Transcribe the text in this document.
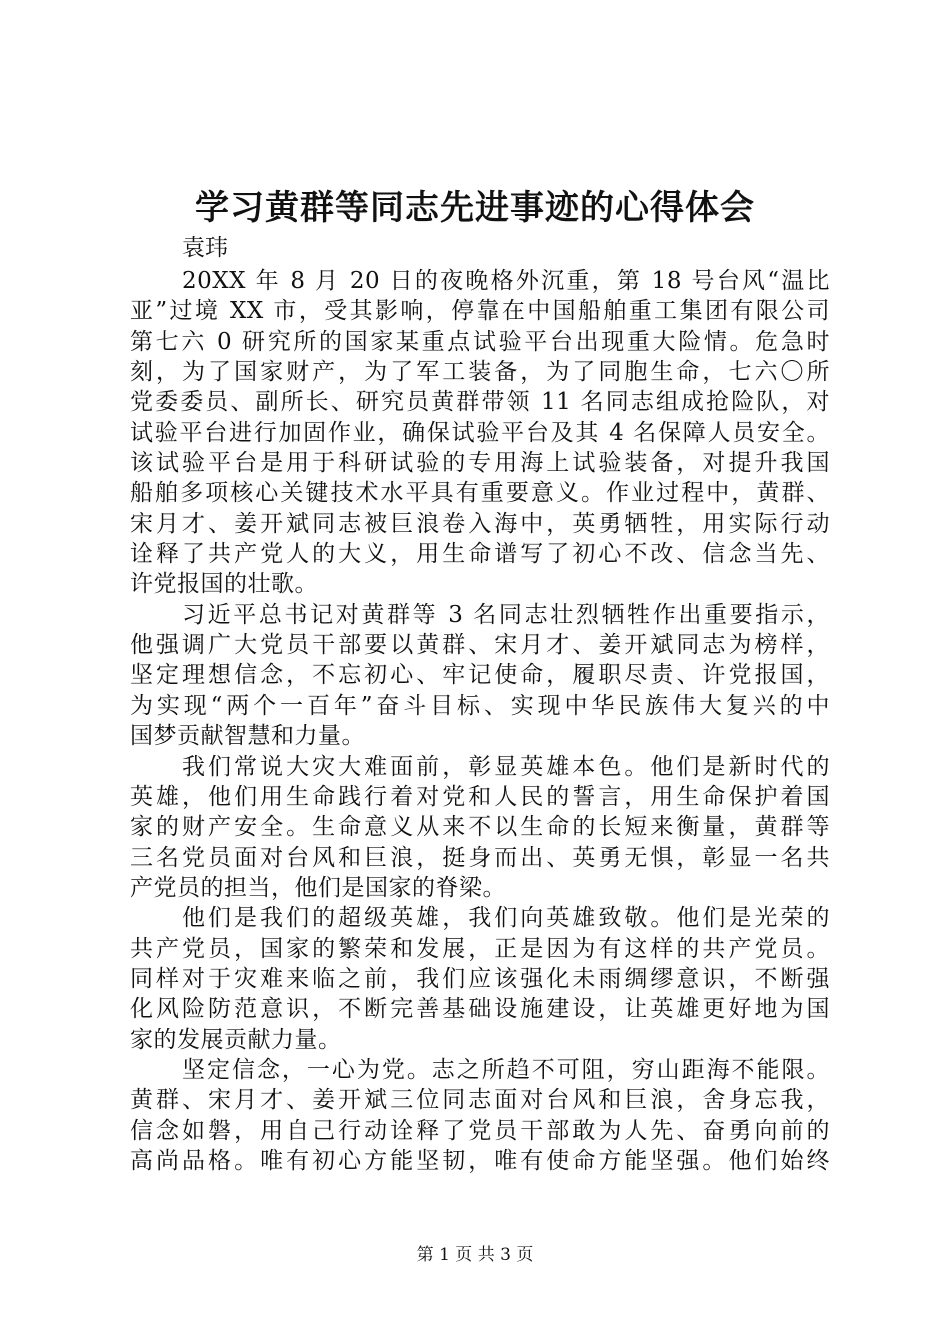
学习黄群等同志先进事迹的心得体会

袁玮

20XX 年 8 月 20 日的夜晚格外沉重，第 18 号台风“温比
亚”过境 XX 市，受其影响，停靠在中国船舶重工集团有限公司
第七六 0 研究所的国家某重点试验平台出现重大险情。危急时
刻，为了国家财产，为了军工装备，为了同胞生命，七六〇所
党委委员、副所长、研究员黄群带领 11 名同志组成抢险队，对
试验平台进行加固作业，确保试验平台及其 4 名保障人员安全。
该试验平台是用于科研试验的专用海上试验装备，对提升我国
船舶多项核心关键技术水平具有重要意义。作业过程中，黄群、
宋月才、姜开斌同志被巨浪卷入海中，英勇牺牲，用实际行动
诠释了共产党人的大义，用生命谱写了初心不改、信念当先、
许党报国的壮歌。
习近平总书记对黄群等 3 名同志壮烈牺牲作出重要指示，
他强调广大党员干部要以黄群、宋月才、姜开斌同志为榜样，
坚定理想信念，不忘初心、牢记使命，履职尽责、许党报国，
为实现“两个一百年”奋斗目标、实现中华民族伟大复兴的中
国梦贡献智慧和力量。
我们常说大灾大难面前，彰显英雄本色。他们是新时代的
英雄，他们用生命践行着对党和人民的誓言，用生命保护着国
家的财产安全。生命意义从来不以生命的长短来衡量，黄群等
三名党员面对台风和巨浪，挺身而出、英勇无惧，彰显一名共
产党员的担当，他们是国家的脊梁。
他们是我们的超级英雄，我们向英雄致敬。他们是光荣的
共产党员，国家的繁荣和发展，正是因为有这样的共产党员。
同样对于灾难来临之前，我们应该强化未雨绸缪意识，不断强
化风险防范意识，不断完善基础设施建设，让英雄更好地为国
家的发展贡献力量。
坚定信念，一心为党。志之所趋不可阻，穷山距海不能限。
黄群、宋月才、姜开斌三位同志面对台风和巨浪，舍身忘我，
信念如磐，用自己行动诠释了党员干部敢为人先、奋勇向前的
高尚品格。唯有初心方能坚韧，唯有使命方能坚强。他们始终

第 1 页 共 3 页
